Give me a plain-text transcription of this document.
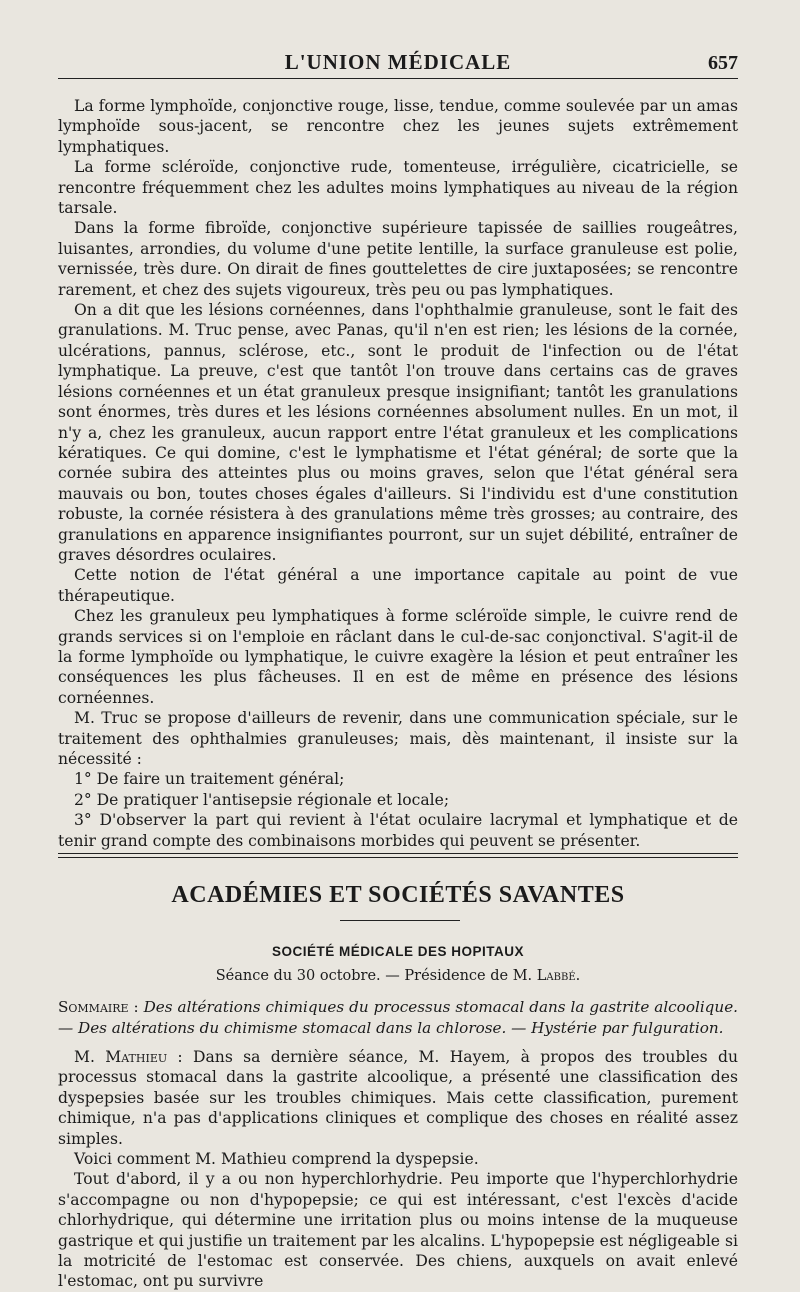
L'UNION MÉDICALE	657

La forme lymphoïde, conjonctive rouge, lisse, tendue, comme soulevée par un amas lymphoïde sous-jacent, se rencontre chez les jeunes sujets extrêmement lymphatiques.

La forme scléroïde, conjonctive rude, tomenteuse, irrégulière, cicatricielle, se rencontre fréquemment chez les adultes moins lymphatiques au niveau de la région tarsale.

Dans la forme fibroïde, conjonctive supérieure tapissée de saillies rougeâtres, luisantes, arrondies, du volume d'une petite lentille, la surface granuleuse est polie, vernissée, très dure. On dirait de fines gouttelettes de cire juxtaposées; se rencontre rarement, et chez des sujets vigoureux, très peu ou pas lymphatiques.

On a dit que les lésions cornéennes, dans l'ophthalmie granuleuse, sont le fait des granulations. M. Truc pense, avec Panas, qu'il n'en est rien; les lésions de la cornée, ulcérations, pannus, sclérose, etc., sont le produit de l'infection ou de l'état lymphatique. La preuve, c'est que tantôt l'on trouve dans certains cas de graves lésions cornéennes et un état granuleux presque insignifiant; tantôt les granulations sont énormes, très dures et les lésions cornéennes absolument nulles. En un mot, il n'y a, chez les granuleux, aucun rapport entre l'état granuleux et les complications kératiques. Ce qui domine, c'est le lymphatisme et l'état général; de sorte que la cornée subira des atteintes plus ou moins graves, selon que l'état général sera mauvais ou bon, toutes choses égales d'ailleurs. Si l'individu est d'une constitution robuste, la cornée résistera à des granulations même très grosses; au contraire, des granulations en apparence insignifiantes pourront, sur un sujet débilité, entraîner de graves désordres oculaires.

Cette notion de l'état général a une importance capitale au point de vue thérapeutique.

Chez les granuleux peu lymphatiques à forme scléroïde simple, le cuivre rend de grands services si on l'emploie en râclant dans le cul-de-sac conjonctival. S'agit-il de la forme lymphoïde ou lymphatique, le cuivre exagère la lésion et peut entraîner les conséquences les plus fâcheuses. Il en est de même en présence des lésions cornéennes.

M. Truc se propose d'ailleurs de revenir, dans une communication spéciale, sur le traitement des ophthalmies granuleuses; mais, dès maintenant, il insiste sur la nécessité :

1° De faire un traitement général;

2° De pratiquer l'antisepsie régionale et locale;

3° D'observer la part qui revient à l'état oculaire lacrymal et lymphatique et de tenir grand compte des combinaisons morbides qui peuvent se présenter.

ACADÉMIES ET SOCIÉTÉS SAVANTES
SOCIÉTÉ MÉDICALE DES HOPITAUX
Séance du 30 octobre. — Présidence de M. Labbé.
Sommaire : Des altérations chimiques du processus stomacal dans la gastrite alcoolique. — Des altérations du chimisme stomacal dans la chlorose. — Hystérie par fulguration.

M. Mathieu : Dans sa dernière séance, M. Hayem, à propos des troubles du processus stomacal dans la gastrite alcoolique, a présenté une classification des dyspepsies basée sur les troubles chimiques. Mais cette classification, purement chimique, n'a pas d'applications cliniques et complique des choses en réalité assez simples.

Voici comment M. Mathieu comprend la dyspepsie.

Tout d'abord, il y a ou non hyperchlorhydrie. Peu importe que l'hyperchlorhydrie s'accompagne ou non d'hypopepsie; ce qui est intéressant, c'est l'excès d'acide chlorhydrique, qui détermine une irritation plus ou moins intense de la muqueuse gastrique et qui justifie un traitement par les alcalins. L'hypopepsie est négligeable si la motricité de l'estomac est conservée. Des chiens, auxquels on avait enlevé l'estomac, ont pu survivre
